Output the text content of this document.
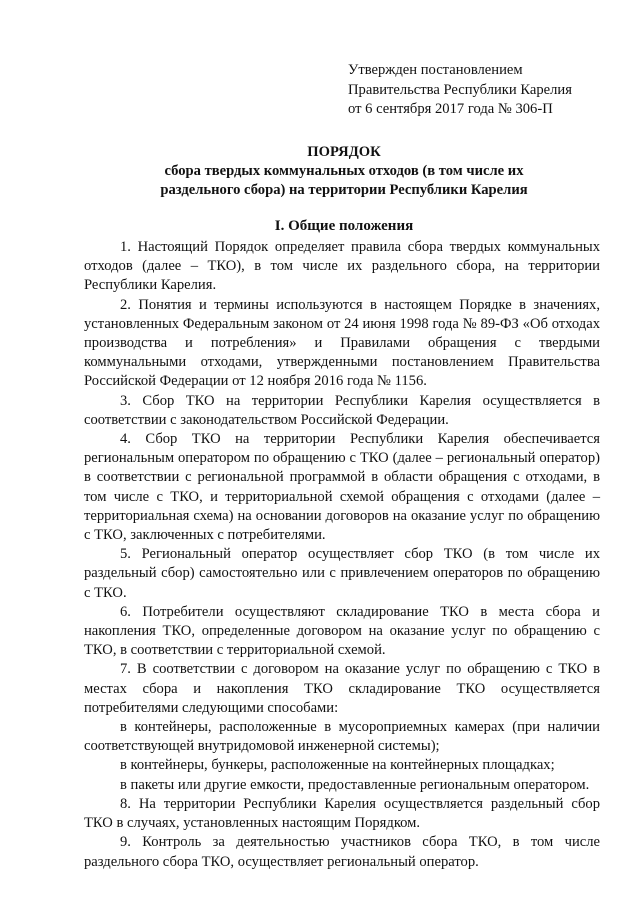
Утвержден постановлением
Правительства Республики Карелия
от 6 сентября 2017 года № 306-П
ПОРЯДОК
сбора твердых коммунальных отходов (в том числе их
раздельного сбора) на территории Республики Карелия
I. Общие положения

1. Настоящий Порядок определяет правила сбора твердых коммунальных отходов (далее – ТКО), в том числе их раздельного сбора, на территории Республики Карелия.

2. Понятия и термины используются в настоящем Порядке в значениях, установленных Федеральным законом от 24 июня 1998 года № 89-ФЗ «Об отходах производства и потребления» и Правилами обращения с твердыми коммунальными отходами, утвержденными постановлением Правительства Российской Федерации от 12 ноября 2016 года № 1156.

3. Сбор ТКО на территории Республики Карелия осуществляется в соответствии с законодательством Российской Федерации.

4. Сбор ТКО на территории Республики Карелия обеспечивается региональным оператором по обращению с ТКО (далее – региональный оператор) в соответствии с региональной программой в области обращения с отходами, в том числе с ТКО, и территориальной схемой обращения с отходами (далее – территориальная схема) на основании договоров на оказание услуг по обращению с ТКО, заключенных с потребителями.

5. Региональный оператор осуществляет сбор ТКО (в том числе их раздельный сбор) самостоятельно или с привлечением операторов по обращению с ТКО.

6. Потребители осуществляют складирование ТКО в места сбора и накопления ТКО, определенные договором на оказание услуг по обращению с ТКО, в соответствии с территориальной схемой.

7. В соответствии с договором на оказание услуг по обращению с ТКО в местах сбора и накопления ТКО складирование ТКО осуществляется потребителями следующими способами:

в контейнеры, расположенные в мусороприемных камерах (при наличии соответствующей внутридомовой инженерной системы);

в контейнеры, бункеры, расположенные на контейнерных площадках;

в пакеты или другие емкости, предоставленные региональным оператором.

8. На территории Республики Карелия осуществляется раздельный сбор ТКО в случаях, установленных настоящим Порядком.

9. Контроль за деятельностью участников сбора ТКО, в том числе раздельного сбора ТКО, осуществляет региональный оператор.
